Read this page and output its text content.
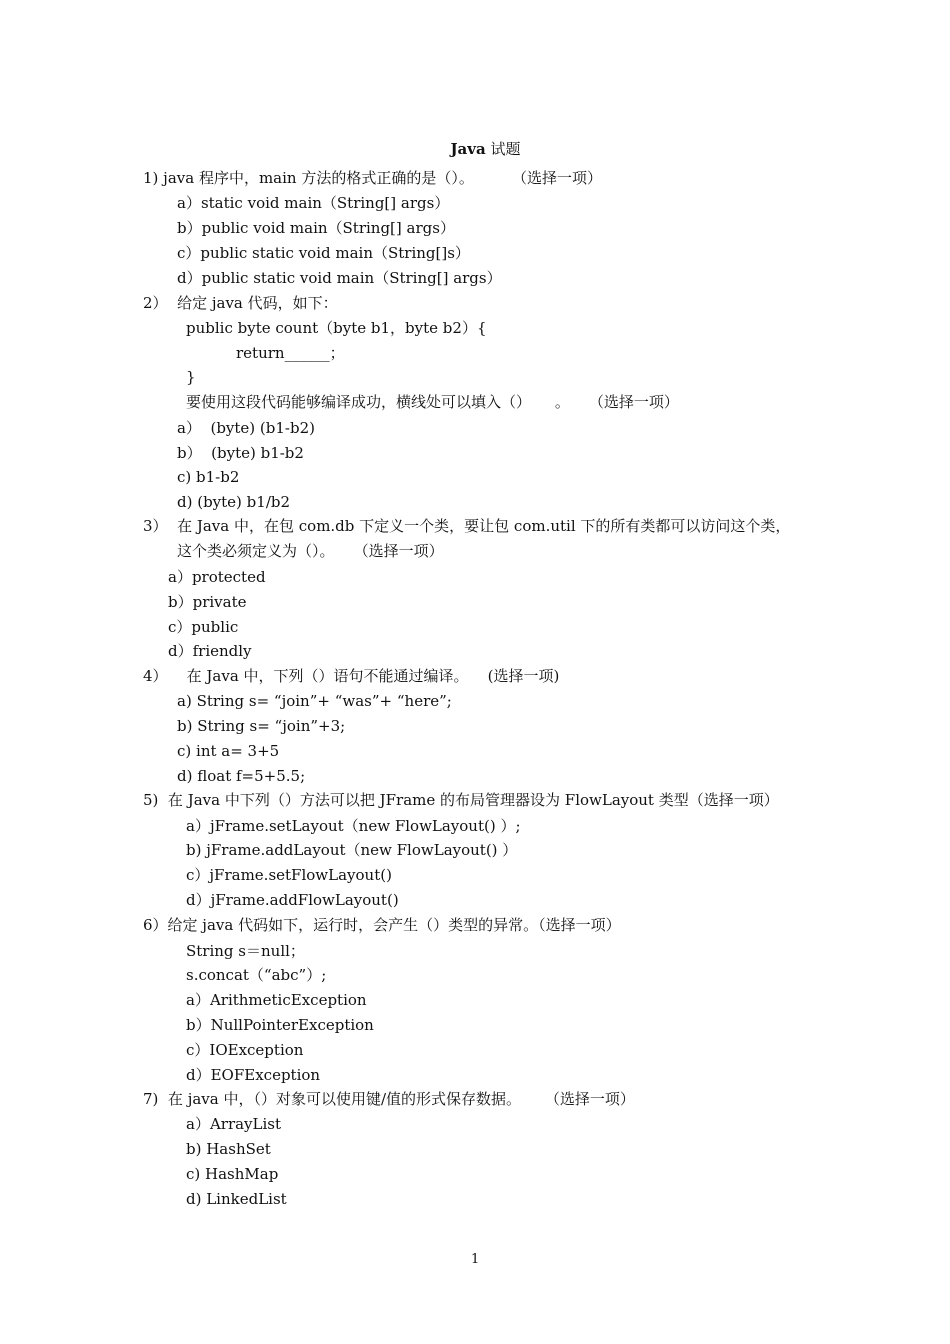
Java 试题

1) java 程序中，main 方法的格式正确的是（）。        （选择一项）
a）static void main（String[] args）
b）public void main（String[] args）
c）public static void main（String[]s）
d）public static void main（String[] args）
2）  给定 java 代码，如下：
public byte count（byte b1，byte b2）{
return______；
}
要使用这段代码能够编译成功，横线处可以填入（）     。    （选择一项）
a）  (byte) (b1-b2)
b）  (byte) b1-b2
c) b1-b2
d) (byte) b1/b2
3）  在 Java 中，在包 com.db 下定义一个类，要让包 com.util 下的所有类都可以访问这个类，
这个类必须定义为（）。    （选择一项）
a）protected
b）private
c）public
d）friendly
4）    在 Java 中，下列（）语句不能通过编译。    (选择一项)
a) String s= “join”+ “was”+ “here”;
b) String s= “join”+3;
c) int a= 3+5
d) float f=5+5.5;
5)  在 Java 中下列（）方法可以把 JFrame 的布局管理器设为 FlowLayout 类型（选择一项）
a）jFrame.setLayout（new FlowLayout() ）;
b) jFrame.addLayout（new FlowLayout() ）
c）jFrame.setFlowLayout()
d）jFrame.addFlowLayout()
6）给定 java 代码如下，运行时，会产生（）类型的异常。（选择一项）
String s＝null；
s.concat（“abc”）;
a）ArithmeticException
b）NullPointerException
c）IOException
d）EOFException
7)  在 java 中，（）对象可以使用键/值的形式保存数据。     （选择一项）
a）ArrayList
b) HashSet
c) HashMap
d) LinkedList
1
